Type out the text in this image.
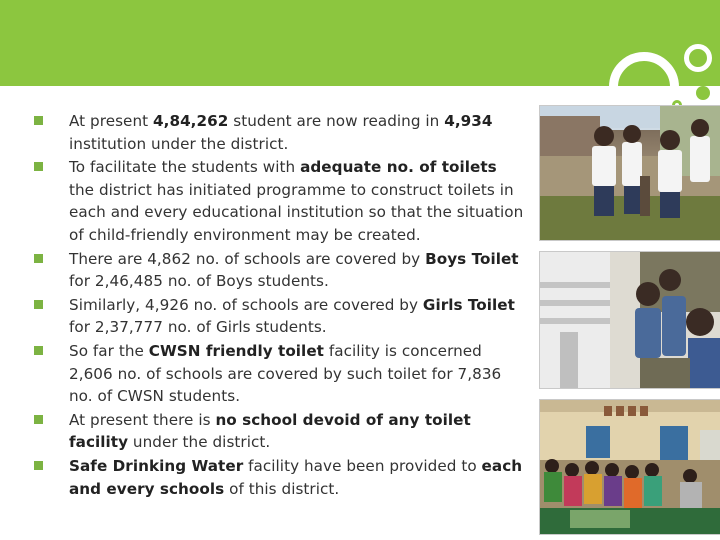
At present 4,84,262 student are now reading in 4,934 institution under the district.
To facilitate the students with adequate no. of toilets the district has initiated programme to construct toilets in each and every educational institution so that the situation of child-friendly environment may be created.
There are 4,862 no. of schools are covered by Boys Toilet for 2,46,485 no. of Boys students.
Similarly, 4,926 no. of schools are covered by Girls Toilet for 2,37,777 no. of Girls students.
So far the CWSN friendly toilet facility is concerned 2,606 no. of schools are covered by such toilet for 7,836 no. of CWSN students.
At present there is no school devoid of any toilet facility under the district.
Safe Drinking Water facility have been provided to each and every schools of this district.
